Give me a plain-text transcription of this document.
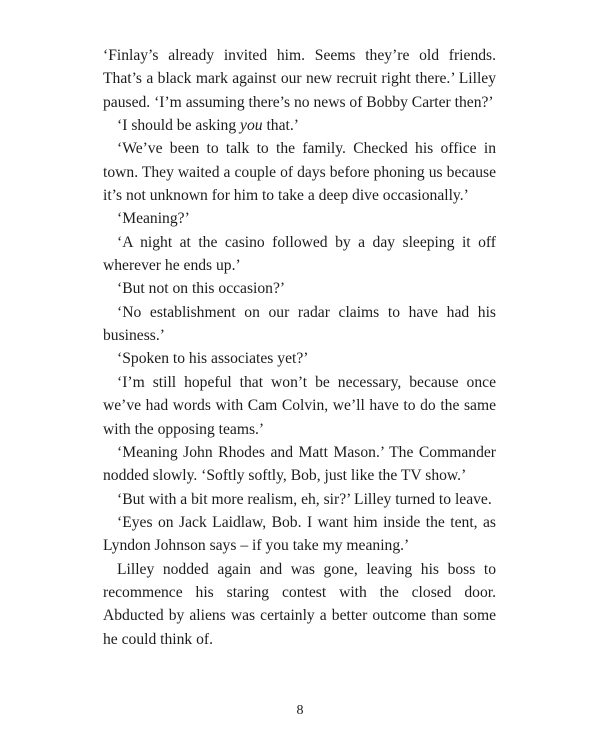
‘Finlay’s already invited him. Seems they’re old friends. That’s a black mark against our new recruit right there.’ Lilley paused. ‘I’m assuming there’s no news of Bobby Carter then?’

‘I should be asking you that.’

‘We’ve been to talk to the family. Checked his office in town. They waited a couple of days before phoning us because it’s not unknown for him to take a deep dive occasionally.’

‘Meaning?’

‘A night at the casino followed by a day sleeping it off wherever he ends up.’

‘But not on this occasion?’

‘No establishment on our radar claims to have had his business.’

‘Spoken to his associates yet?’

‘I’m still hopeful that won’t be necessary, because once we’ve had words with Cam Colvin, we’ll have to do the same with the opposing teams.’

‘Meaning John Rhodes and Matt Mason.’ The Commander nodded slowly. ‘Softly softly, Bob, just like the TV show.’

‘But with a bit more realism, eh, sir?’ Lilley turned to leave.

‘Eyes on Jack Laidlaw, Bob. I want him inside the tent, as Lyndon Johnson says – if you take my meaning.’

Lilley nodded again and was gone, leaving his boss to recommence his staring contest with the closed door. Abducted by aliens was certainly a better outcome than some he could think of.

8
